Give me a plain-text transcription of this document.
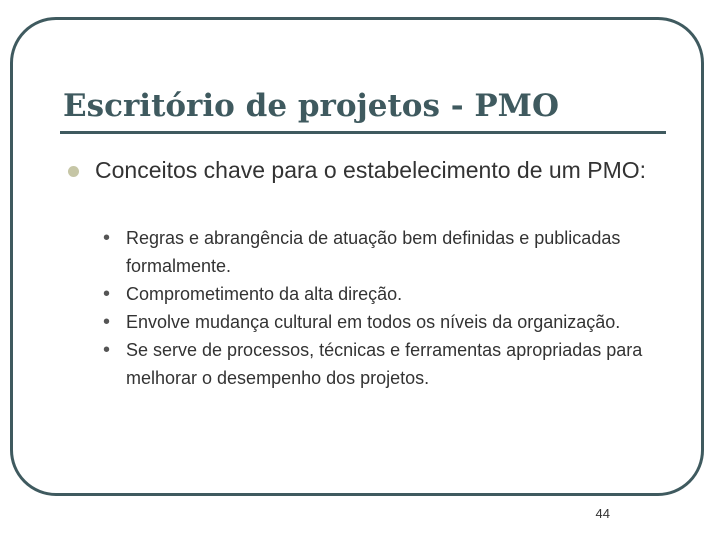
Escritório de projetos - PMO

Conceitos chave para o estabelecimento de um PMO:

• Regras e abrangência de atuação bem definidas e publicadas formalmente.
• Comprometimento da alta direção.
• Envolve mudança cultural em todos os níveis da organização.
• Se serve de processos, técnicas e ferramentas apropriadas para melhorar o desempenho dos projetos.
44
